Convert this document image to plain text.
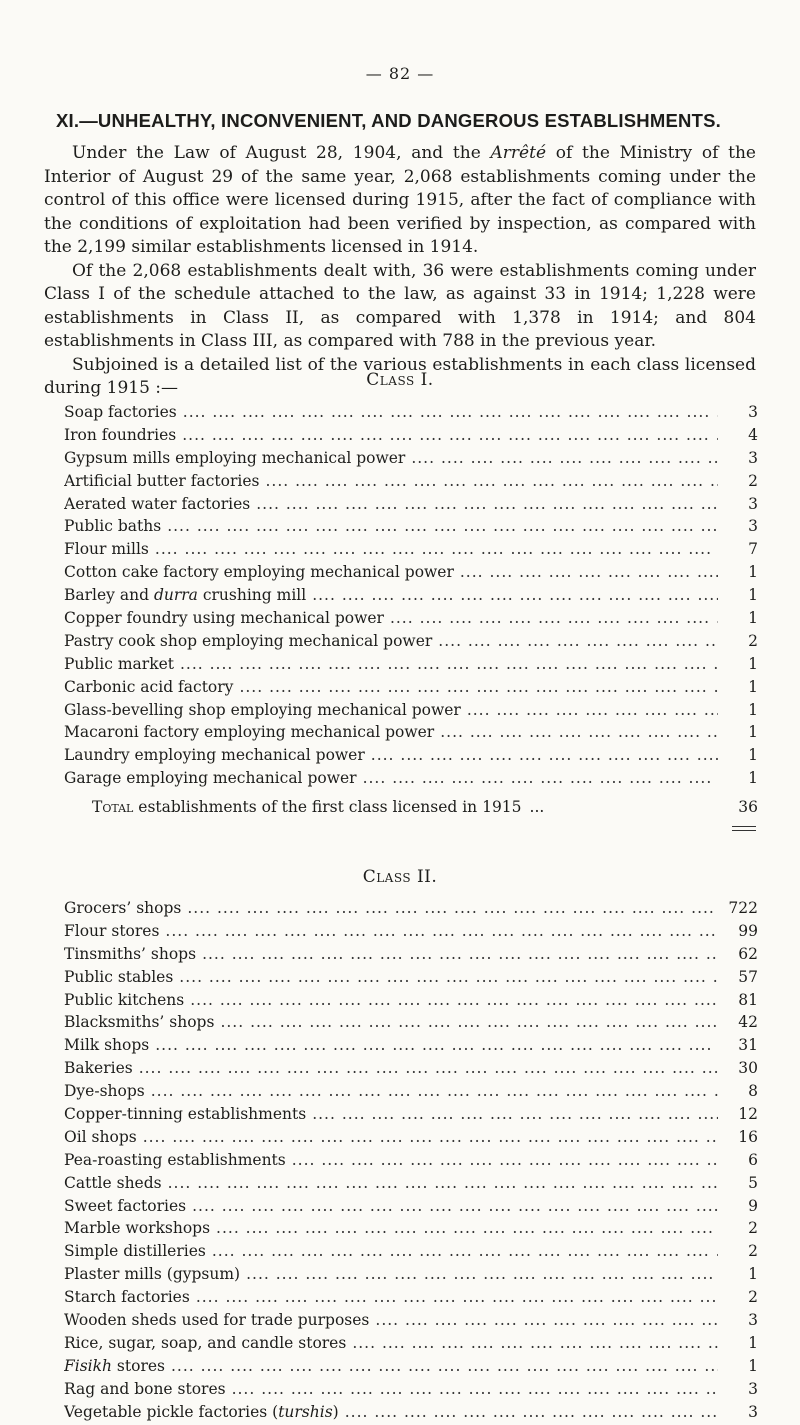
— 82 —
XI.—UNHEALTHY, INCONVENIENT, AND DANGEROUS ESTABLISHMENTS.

Under the Law of August 28, 1904, and the Arrêté of the Ministry of the Interior of August 29 of the same year, 2,068 establishments coming under the control of this office were licensed during 1915, after the fact of compliance with the conditions of exploitation had been verified by inspection, as compared with the 2,199 similar establishments licensed in 1914.

Of the 2,068 establishments dealt with, 36 were establishments coming under Class I of the schedule attached to the law, as against 33 in 1914; 1,228 were establishments in Class II, as compared with 1,378 in 1914; and 804 establishments in Class III, as compared with 788 in the previous year.

Subjoined is a detailed list of the various establishments in each class licensed during 1915 :—	Class I.
Soap factories ....	3
Iron foundries ....	4
Gypsum mills employing mechanical power ....	3
Artificial butter factories ....	2
Aerated water factories ....	3
Public baths ....	3
Flour mills ....	7
Cotton cake factory employing mechanical power ....	1
Barley and durra crushing mill ....	1
Copper foundry using mechanical power ....	1
Pastry cook shop employing mechanical power ....	2
Public market ....	1
Carbonic acid factory ....	1
Glass-bevelling shop employing mechanical power ....	1
Macaroni factory employing mechanical power ....	1
Laundry employing mechanical power ....	1
Garage employing mechanical power ....	1
Total establishments of the first class licensed in 1915 ...	36
Class II.
Grocers’ shops ....	722
Flour stores ....	99
Tinsmiths’ shops ....	62
Public stables ....	57
Public kitchens ....	81
Blacksmiths’ shops ....	42
Milk shops ....	31
Bakeries ....	30
Dye-shops ....	8
Copper-tinning establishments ....	12
Oil shops ....	16
Pea-roasting establishments ....	6
Cattle sheds ....	5
Sweet factories ....	9
Marble workshops ....	2
Simple distilleries ....	2
Plaster mills (gypsum) ....	1
Starch factories ....	2
Wooden sheds used for trade purposes ....	3
Rice, sugar, soap, and candle stores ....	1
Fisikh stores ....	1
Rag and bone stores ....	3
Vegetable pickle factories (turshis) ....	3
